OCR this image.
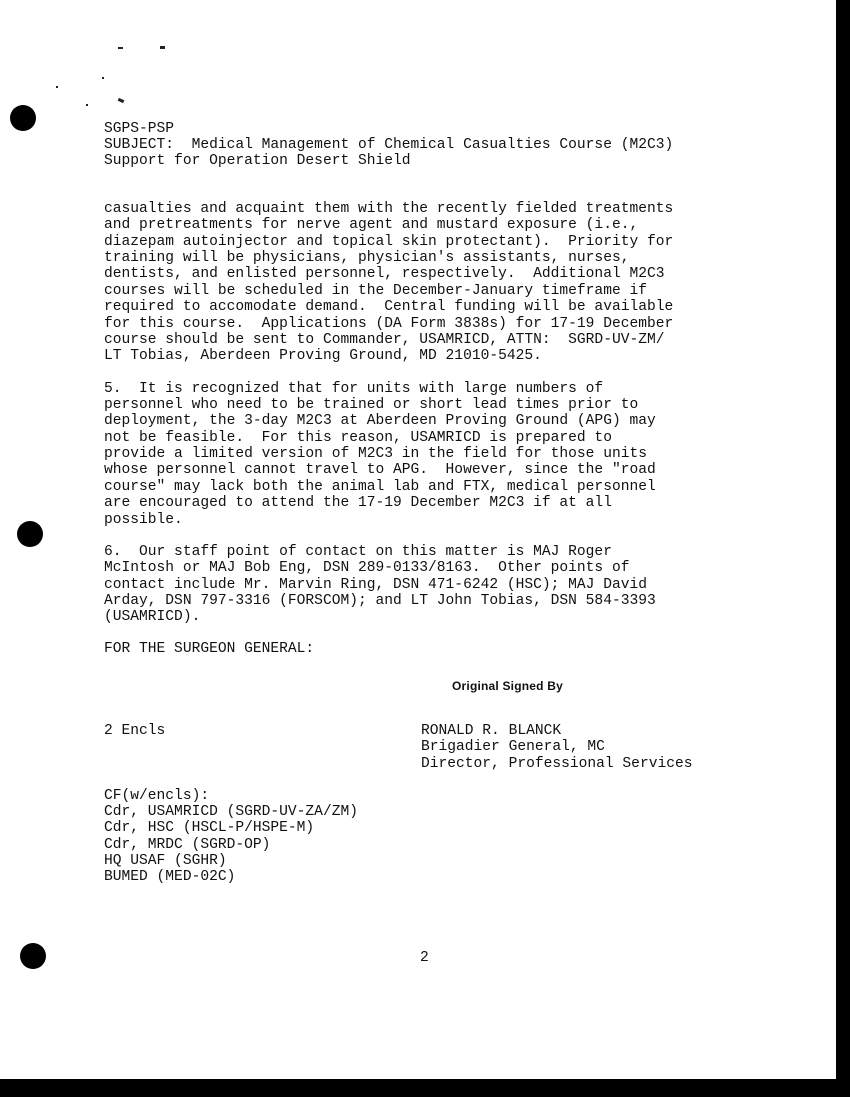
SGPS-PSP

SUBJECT:  Medical Management of Chemical Casualties Course (M2C3)

Support for Operation Desert Shield

casualties and acquaint them with the recently fielded treatments

and pretreatments for nerve agent and mustard exposure (i.e.,

diazepam autoinjector and topical skin protectant).  Priority for

training will be physicians, physician's assistants, nurses,

dentists, and enlisted personnel, respectively.  Additional M2C3

courses will be scheduled in the December-January timeframe if

required to accomodate demand.  Central funding will be available

for this course.  Applications (DA Form 3838s) for 17-19 December

course should be sent to Commander, USAMRICD, ATTN:  SGRD-UV-ZM/

LT Tobias, Aberdeen Proving Ground, MD 21010-5425.

5.  It is recognized that for units with large numbers of

personnel who need to be trained or short lead times prior to

deployment, the 3-day M2C3 at Aberdeen Proving Ground (APG) may

not be feasible.  For this reason, USAMRICD is prepared to

provide a limited version of M2C3 in the field for those units

whose personnel cannot travel to APG.  However, since the "road

course" may lack both the animal lab and FTX, medical personnel

are encouraged to attend the 17-19 December M2C3 if at all

possible.

6.  Our staff point of contact on this matter is MAJ Roger

McIntosh or MAJ Bob Eng, DSN 289-0133/8163.  Other points of

contact include Mr. Marvin Ring, DSN 471-6242 (HSC); MAJ David

Arday, DSN 797-3316 (FORSCOM); and LT John Tobias, DSN 584-3393

(USAMRICD).

FOR THE SURGEON GENERAL:

Original Signed By

2 Encls	RONALD R. BLANCK

Brigadier General, MC

Director, Professional Services

CF(w/encls):

Cdr, USAMRICD (SGRD-UV-ZA/ZM)

Cdr, HSC (HSCL-P/HSPE-M)

Cdr, MRDC (SGRD-OP)

HQ USAF (SGHR)

BUMED (MED-02C)

2
